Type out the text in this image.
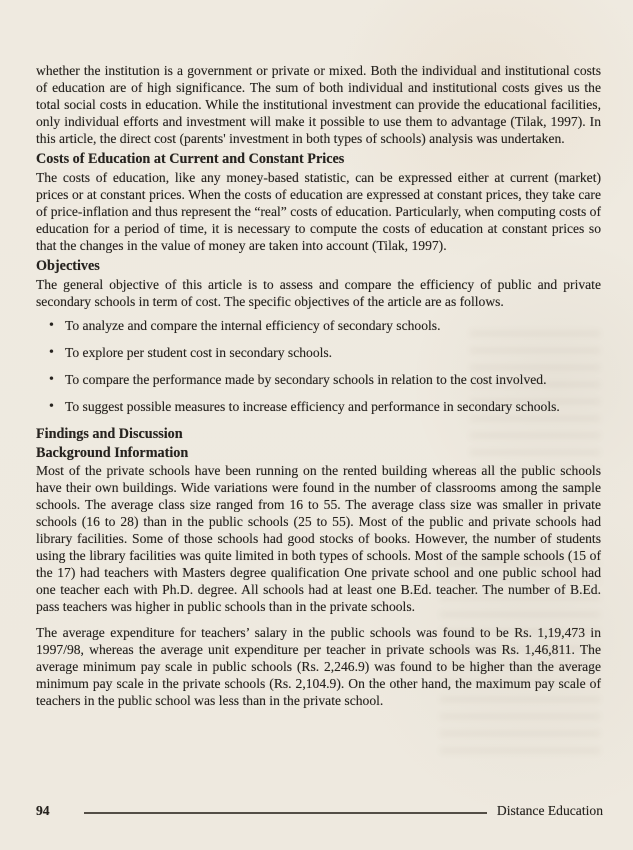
whether the institution is a government or private or mixed. Both the individual and institutional costs of education are of high significance. The sum of both individual and institutional costs gives us the total social costs in education. While the institutional investment can provide the educational facilities, only individual efforts and investment will make it possible to use them to advantage (Tilak, 1997). In this article, the direct cost (parents' investment in both types of schools) analysis was undertaken.

Costs of Education at Current and Constant Prices

The costs of education, like any money-based statistic, can be expressed either at current (market) prices or at constant prices. When the costs of education are expressed at constant prices, they take care of price-inflation and thus represent the “real” costs of education. Particularly, when computing costs of education for a period of time, it is necessary to compute the costs of education at constant prices so that the changes in the value of money are taken into account (Tilak, 1997).

Objectives

The general objective of this article is to assess and compare the efficiency of public and private secondary schools in term of cost. The specific objectives of the article are as follows.

• To analyze and compare the internal efficiency of secondary schools.
• To explore per student cost in secondary schools.
• To compare the performance made by secondary schools in relation to the cost involved.
• To suggest possible measures to increase efficiency and performance in secondary schools.
Findings and Discussion
Background Information

Most of the private schools have been running on the rented building whereas all the public schools have their own buildings. Wide variations were found in the number of classrooms among the sample schools. The average class size ranged from 16 to 55. The average class size was smaller in private schools (16 to 28) than in the public schools (25 to 55). Most of the public and private schools had library facilities. Some of those schools had good stocks of books. However, the number of students using the library facilities was quite limited in both types of schools. Most of the sample schools (15 of the 17) had teachers with Masters degree qualification One private school and one public school had one teacher each with Ph.D. degree. All schools had at least one B.Ed. teacher. The number of B.Ed. pass teachers was higher in public schools than in the private schools.

The average expenditure for teachers’ salary in the public schools was found to be Rs. 1,19,473 in 1997/98, whereas the average unit expenditure per teacher in private schools was Rs. 1,46,811. The average minimum pay scale in public schools (Rs. 2,246.9) was found to be higher than the average minimum pay scale in the private schools (Rs. 2,104.9). On the other hand, the maximum pay scale of teachers in the public school was less than in the private school.

94	Distance Education
